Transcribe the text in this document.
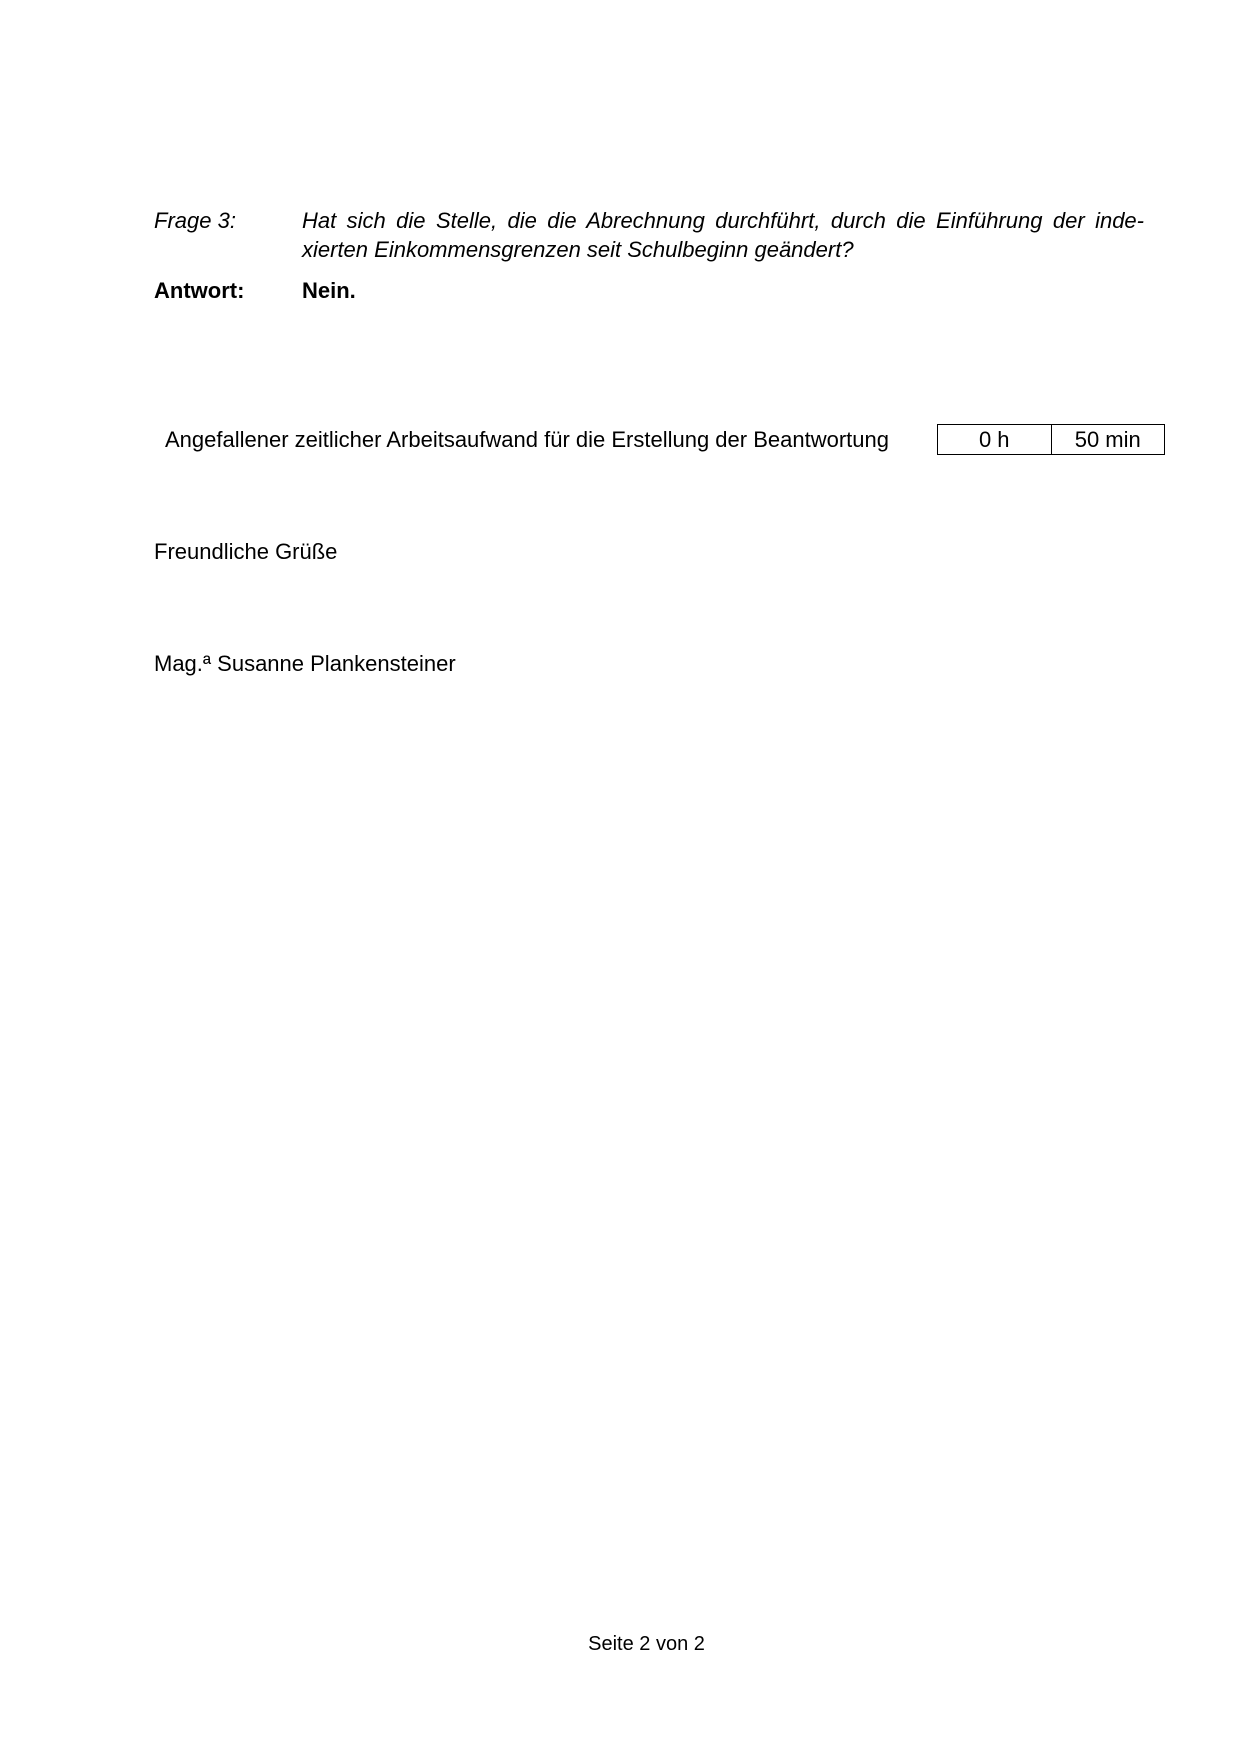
Frage 3:	Hat sich die Stelle, die die Abrechnung durchführt, durch die Einführung der indexierten Einkommensgrenzen seit Schulbeginn geändert?
Antwort:	Nein.
Angefallener zeitlicher Arbeitsaufwand für die Erstellung der Beantwortung	0 h	50 min
Freundliche Grüße
Mag.ª Susanne Plankensteiner
Seite 2 von 2
